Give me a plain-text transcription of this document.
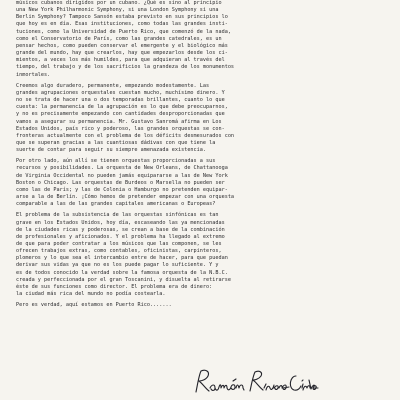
músicos cubanos dirigidos por un cubano. ¿Qué es sino al principio
una New York Philharmonic Symphony, si una London Symphony si una
Berlin Symphony? Tampoco Sansón estaba previsto en sus principios lo
que hoy es en día. Esas instituciones, como todas las grandes insti-
tuciones, como la Universidad de Puerto Rico, que comenzó de la nada,
como el Conservatorio de París, como las grandes catedrales, es un
pensar hechos, como pueden conservar el emergente y el biológico más
grande del mundo, hay que crearlos, hay que empezarlos desde los ci-
mientos, a veces los más humildes, para que adquieran al través del
tiempo, del trabajo y de los sacrificios la grandeza de los monumentos
inmortales.
Creemos algo duradero, permanente, empezando modestamente. Las
grandes agrupaciones orquestales cuestan mucho, muchísimo dinero. Y
no se trata de hacer una o dos temporadas brillantes, cuanto lo que
cuesta: la permanencia de la agrupación es lo que debe preocuparnos,
y no es precisamente empezando con cantidades desproporcionadas que
vamos a asegurar su permanencia. Mr. Gustavo Sanromá afirma en Los
Estados Unidos, país rico y poderoso, las grandes orquestas se con-
fronteras actualmente con el problema de los déficits desmesurados con
que se superan gracias a las cuantiosas dádivas con que tiene la
suerte de contar para seguir su siempre amenazada existencia.
Por otro lado, aún allí se tienen orquestas proporcionadas a sus
recursos y posibilidades. La orquesta de New Orleans, de Chattanooga
de Virginia Occidental no pueden jamás equipararse a las de New York
Boston o Chicago. Las orquestas de Burdeos o Marsella no pueden ser
como las de París; y las de Colonia o Hamburgo no pretenden equipar-
arse a la de Berlín. ¡Cómo hemos de pretender empezar con una orquesta
comparable a las de las grandes capitales americanas o Europeas?
El problema de la subsistencia de las orquestas sinfónicas es tan
grave en los Estados Unidos, hoy día, escaseando las ya mencionadas
de la ciudades ricas y poderosas, se crean a base de la combinación
de profesionales y aficionados. Y el problema ha llegado al extremo
de que para poder contratar a los músicos que las componen, se les
ofrecen trabajos extras, como contables, oficinistas, carpinteros,
plomeros y lo que sea el intercambio entre de hacer, para que puedan
derivar sus vidas ya que no es los puede pagar lo suficiente. Y y
es de todos conocido la verdad sobre la famosa orquesta de la N.B.C.
creada y perfeccionada por el gran Toscanini, y disuelta al retirarse
éste de sus funciones como director. El problema era de dinero:
la ciudad más rica del mundo no podía costearla.
Pero es verdad, aquí estamos en Puerto Rico.......
